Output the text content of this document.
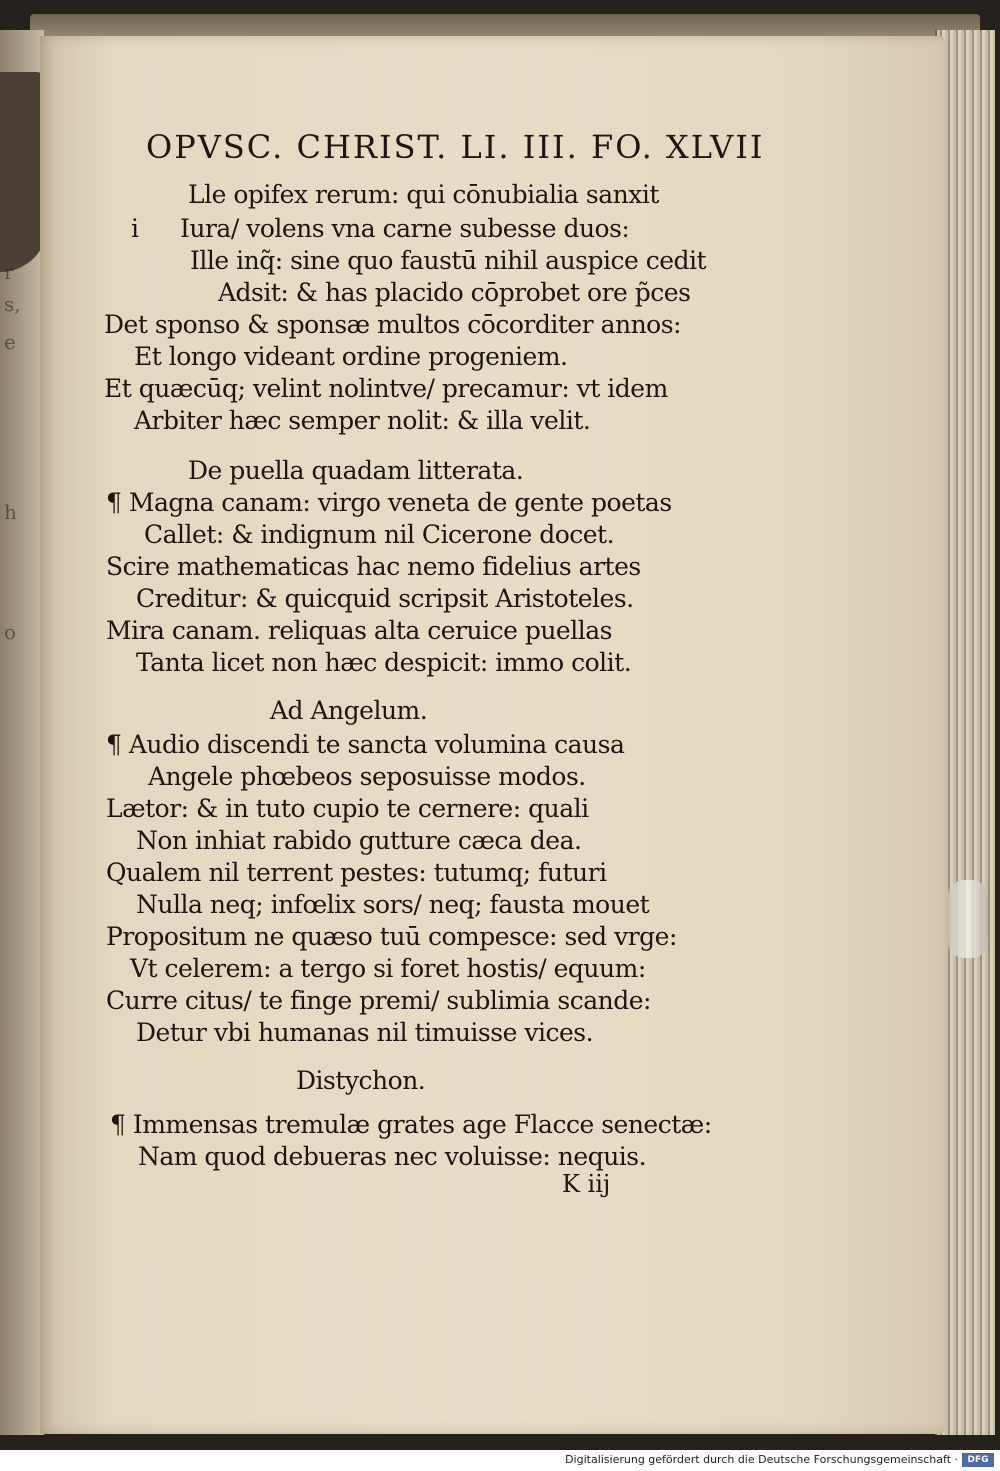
r
s,
e
h
o
OPVSC. CHRIST. LI. III. FO. XLVII
i
Lle opifex rerum: qui cōnubialia sanxit
Iura/ volens vna carne subesse duos:
Ille inq̃: sine quo faustū nihil auspice cedit
Adsit: & has placido cōprobet ore p̃ces
Det sponso & sponsæ multos cōcorditer annos:
Et longo videant ordine progeniem.
Et quæcūq; velint nolintve/ precamur: vt idem
Arbiter hæc semper nolit: & illa velit.
De puella quadam litterata.
¶ Magna canam: virgo veneta de gente poetas
Callet: & indignum nil Cicerone docet.
Scire mathematicas hac nemo fidelius artes
Creditur: & quicquid scripsit Aristoteles.
Mira canam. reliquas alta ceruice puellas
Tanta licet non hæc despicit: immo colit.
Ad Angelum.
¶ Audio discendi te sancta volumina causa
Angele phœbeos seposuisse modos.
Lætor: & in tuto cupio te cernere: quali
Non inhiat rabido gutture cæca dea.
Qualem nil terrent pestes: tutumq; futuri
Nulla neq; infœlix sors/ neq; fausta mouet
Propositum ne quæso tuū compesce: sed vrge:
Vt celerem: a tergo si foret hostis/ equum:
Curre citus/ te finge premi/ sublimia scande:
Detur vbi humanas nil timuisse vices.
Distychon.
¶ Immensas tremulæ grates age Flacce senectæ:
Nam quod debueras nec voluisse: nequis.
K iij
Digitalisierung gefördert durch die Deutsche Forschungsgemeinschaft ·	DFG
